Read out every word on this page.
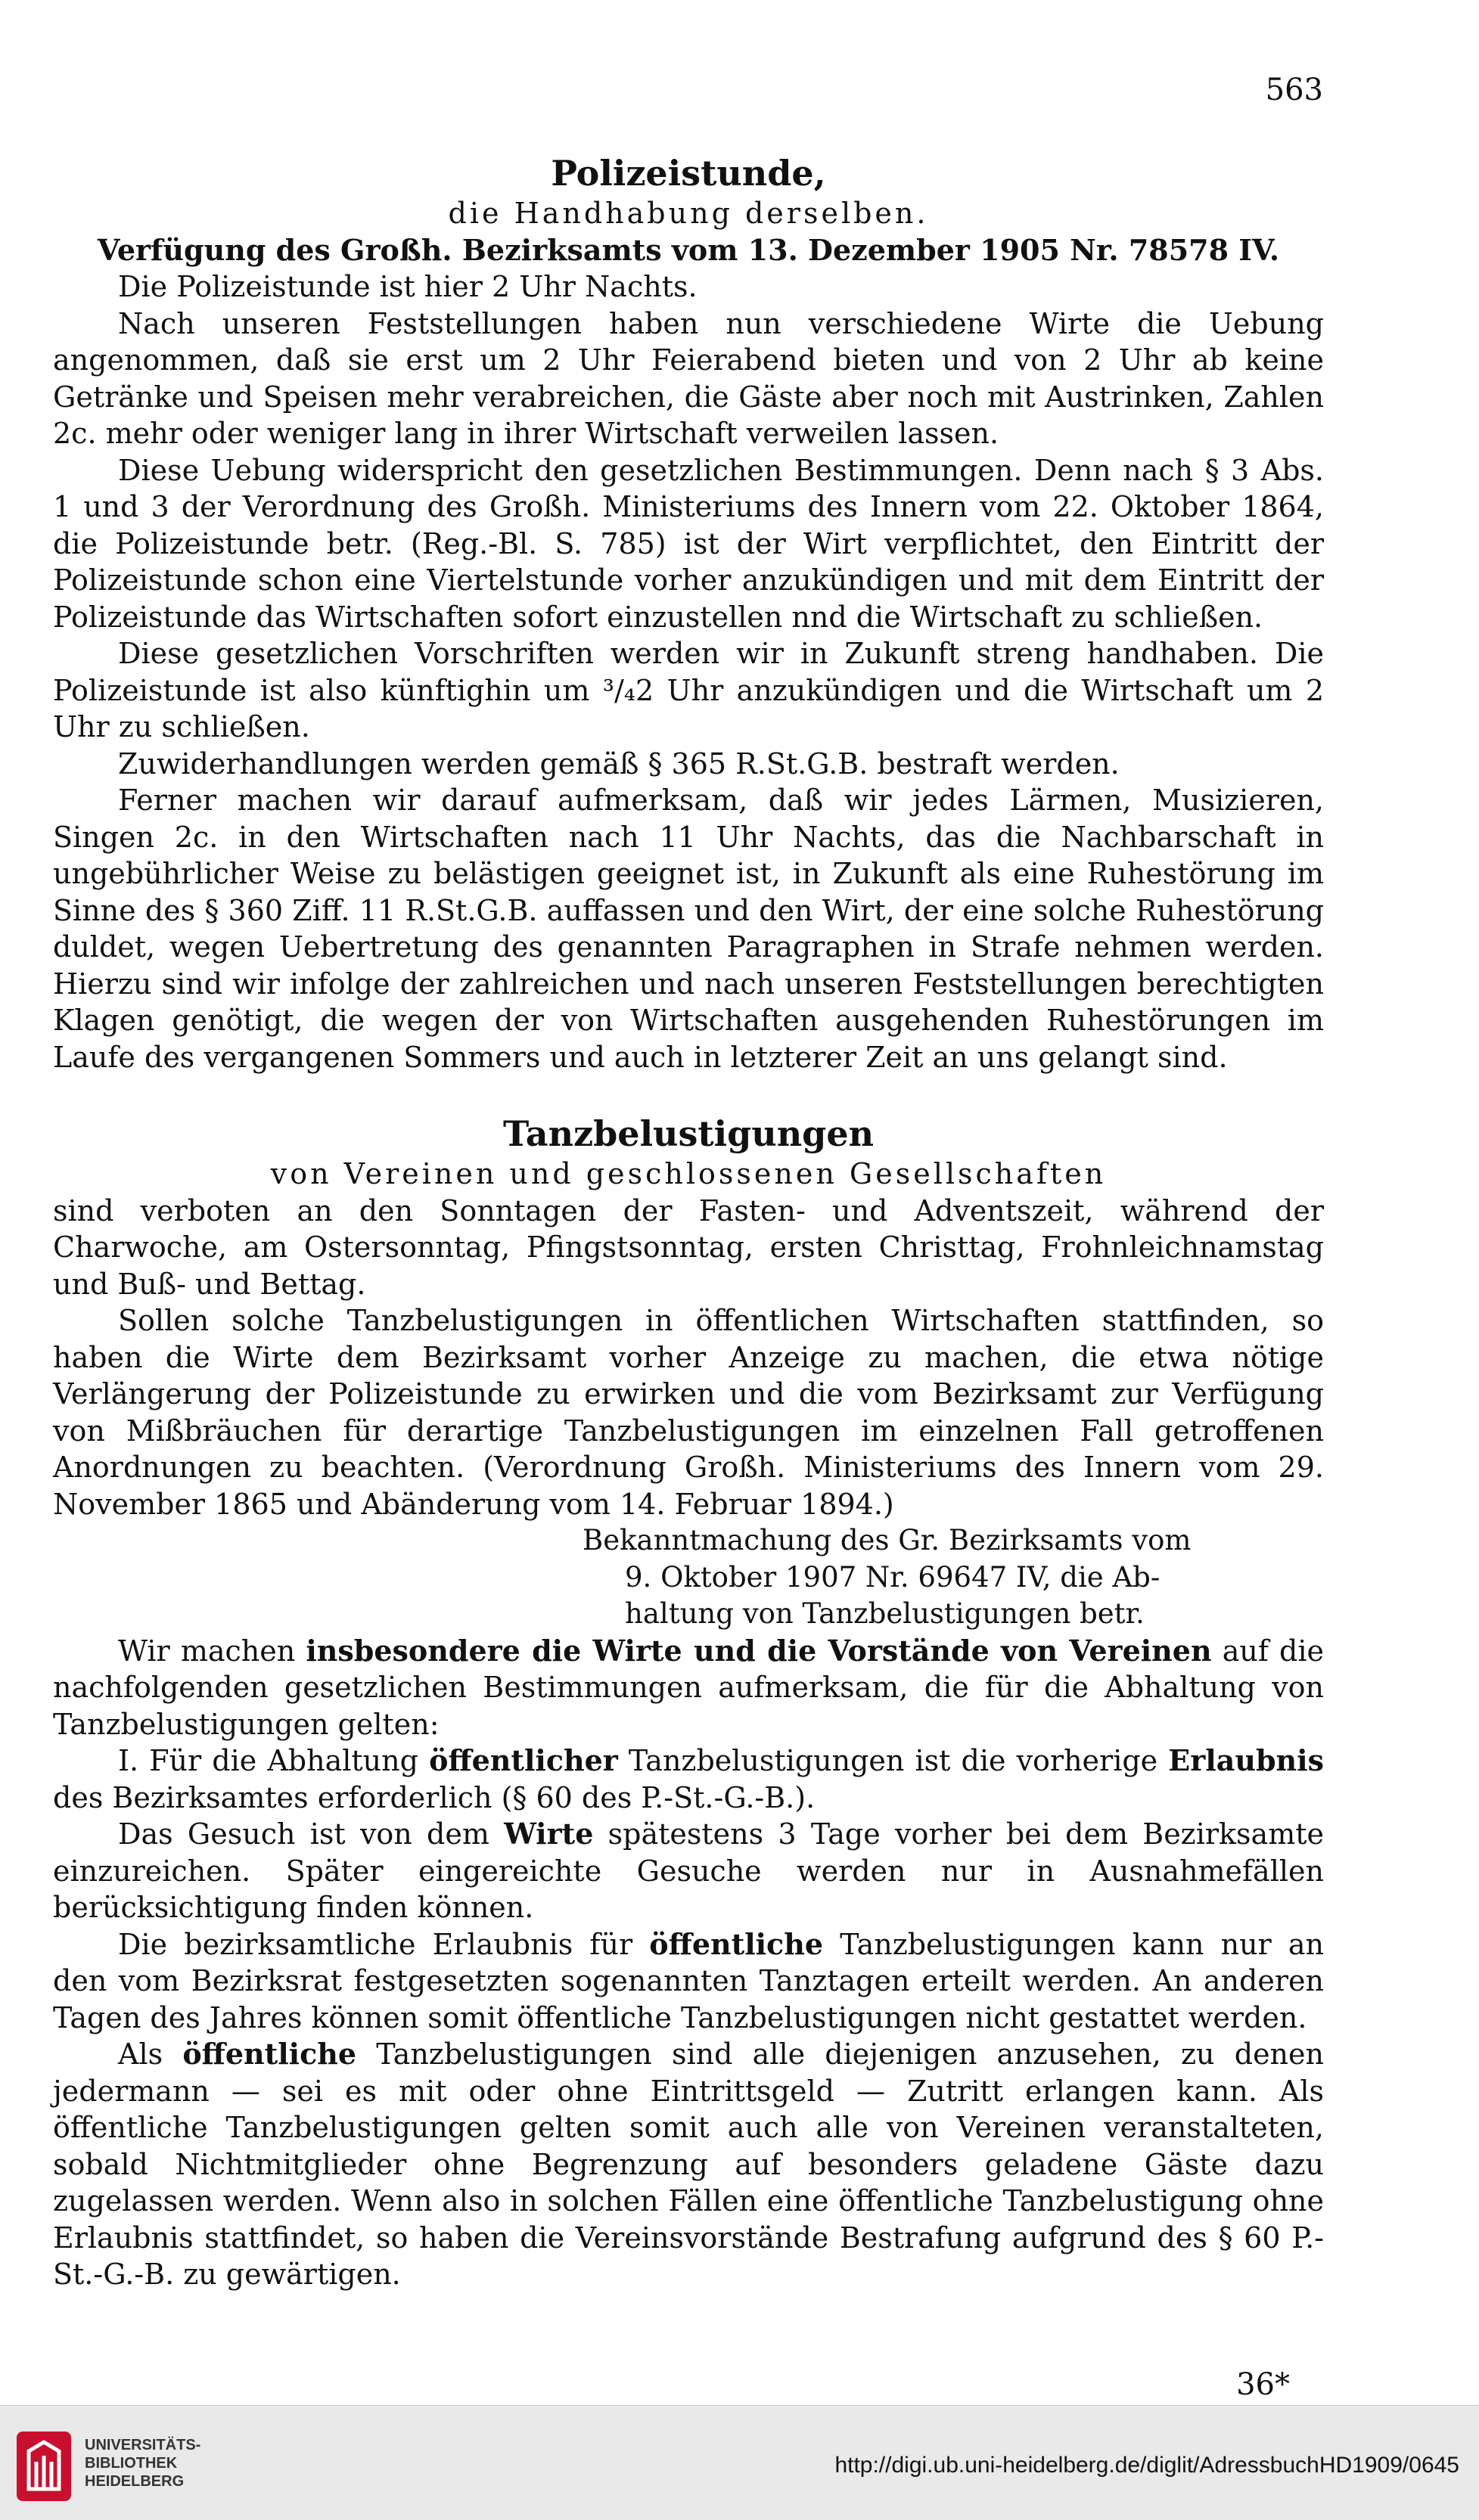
563

Polizeistunde,

die Handhabung derselben.

Verfügung des Großh. Bezirksamts vom 13. Dezember 1905 Nr. 78578 IV.

Die Polizeistunde ist hier 2 Uhr Nachts.

Nach unseren Feststellungen haben nun verschiedene Wirte die Uebung angenommen, daß sie erst um 2 Uhr Feierabend bieten und von 2 Uhr ab keine Getränke und Speisen mehr verabreichen, die Gäste aber noch mit Austrinken, Zahlen 2c. mehr oder weniger lang in ihrer Wirtschaft verweilen lassen.

Diese Uebung widerspricht den gesetzlichen Bestimmungen. Denn nach § 3 Abs. 1 und 3 der Verordnung des Großh. Ministeriums des Innern vom 22. Oktober 1864, die Polizeistunde betr. (Reg.-Bl. S. 785) ist der Wirt verpflichtet, den Eintritt der Polizeistunde schon eine Viertelstunde vorher anzukündigen und mit dem Eintritt der Polizeistunde das Wirtschaften sofort einzustellen nnd die Wirtschaft zu schließen.

Diese gesetzlichen Vorschriften werden wir in Zukunft streng handhaben. Die Polizeistunde ist also künftighin um ³/₄2 Uhr anzukündigen und die Wirtschaft um 2 Uhr zu schließen.

Zuwiderhandlungen werden gemäß § 365 R.St.G.B. bestraft werden.

Ferner machen wir darauf aufmerksam, daß wir jedes Lärmen, Musizieren, Singen 2c. in den Wirtschaften nach 11 Uhr Nachts, das die Nachbarschaft in ungebührlicher Weise zu belästigen geeignet ist, in Zukunft als eine Ruhestörung im Sinne des § 360 Ziff. 11 R.St.G.B. auffassen und den Wirt, der eine solche Ruhestörung duldet, wegen Uebertretung des genannten Paragraphen in Strafe nehmen werden. Hierzu sind wir infolge der zahlreichen und nach unseren Feststellungen berechtigten Klagen genötigt, die wegen der von Wirtschaften ausgehenden Ruhestörungen im Laufe des vergangenen Sommers und auch in letzterer Zeit an uns gelangt sind.

Tanzbelustigungen

von Vereinen und geschlossenen Gesellschaften

sind verboten an den Sonntagen der Fasten- und Adventszeit, während der Charwoche, am Ostersonntag, Pfingstsonntag, ersten Christtag, Frohnleichnamstag und Buß- und Bettag.

Sollen solche Tanzbelustigungen in öffentlichen Wirtschaften stattfinden, so haben die Wirte dem Bezirksamt vorher Anzeige zu machen, die etwa nötige Verlängerung der Polizeistunde zu erwirken und die vom Bezirksamt zur Verfügung von Mißbräuchen für derartige Tanzbelustigungen im einzelnen Fall getroffenen Anordnungen zu beachten. (Verordnung Großh. Ministeriums des Innern vom 29. November 1865 und Abänderung vom 14. Februar 1894.)

Bekanntmachung des Gr. Bezirksamts vom
9. Oktober 1907 Nr. 69647 IV, die Ab-
haltung von Tanzbelustigungen betr.

Wir machen insbesondere die Wirte und die Vorstände von Vereinen auf die nachfolgenden gesetzlichen Bestimmungen aufmerksam, die für die Abhaltung von Tanzbelustigungen gelten:

I. Für die Abhaltung öffentlicher Tanzbelustigungen ist die vorherige Erlaubnis des Bezirksamtes erforderlich (§ 60 des P.-St.-G.-B.).

Das Gesuch ist von dem Wirte spätestens 3 Tage vorher bei dem Bezirksamte einzureichen. Später eingereichte Gesuche werden nur in Ausnahmefällen berücksichtigung finden können.

Die bezirksamtliche Erlaubnis für öffentliche Tanzbelustigungen kann nur an den vom Bezirksrat festgesetzten sogenannten Tanztagen erteilt werden. An anderen Tagen des Jahres können somit öffentliche Tanzbelustigungen nicht gestattet werden.

Als öffentliche Tanzbelustigungen sind alle diejenigen anzusehen, zu denen jedermann — sei es mit oder ohne Eintrittsgeld — Zutritt erlangen kann. Als öffentliche Tanzbelustigungen gelten somit auch alle von Vereinen veranstalteten, sobald Nichtmitglieder ohne Begrenzung auf besonders geladene Gäste dazu zugelassen werden. Wenn also in solchen Fällen eine öffentliche Tanzbelustigung ohne Erlaubnis stattfindet, so haben die Vereinsvorstände Bestrafung aufgrund des § 60 P.-St.-G.-B. zu gewärtigen.

36*
UNIVERSITÄTS-
BIBLIOTHEK
HEIDELBERG
http://digi.ub.uni-heidelberg.de/diglit/AdressbuchHD1909/0645
